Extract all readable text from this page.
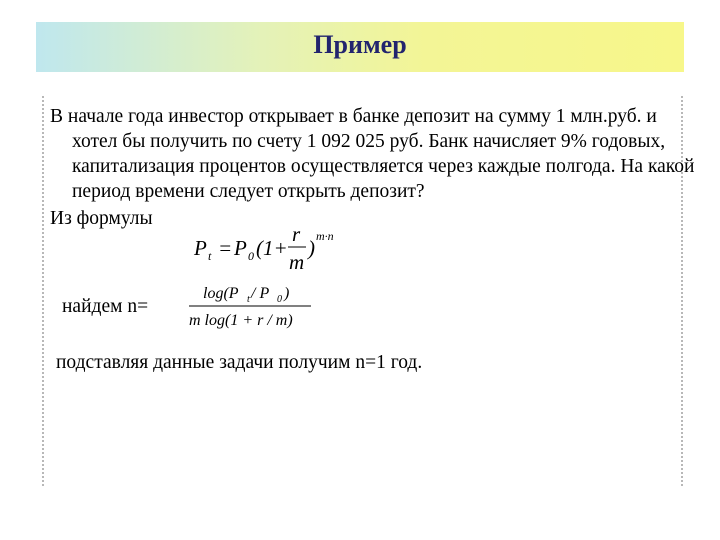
Пример
В начале года инвестор открывает в банке депозит на сумму 1 млн.руб. и хотел бы получить по счету 1 092 025 руб. Банк начисляет 9% годовых, капитализация процентов осуществляется через каждые полгода. На какой период времени следует открыть депозит?
Из формулы
P t = P 0 (1+
r
m
) m·n
найдем n=
log(P t / P 0 )
m log(1 + r / m)
подставляя данные задачи получим n=1 год.
